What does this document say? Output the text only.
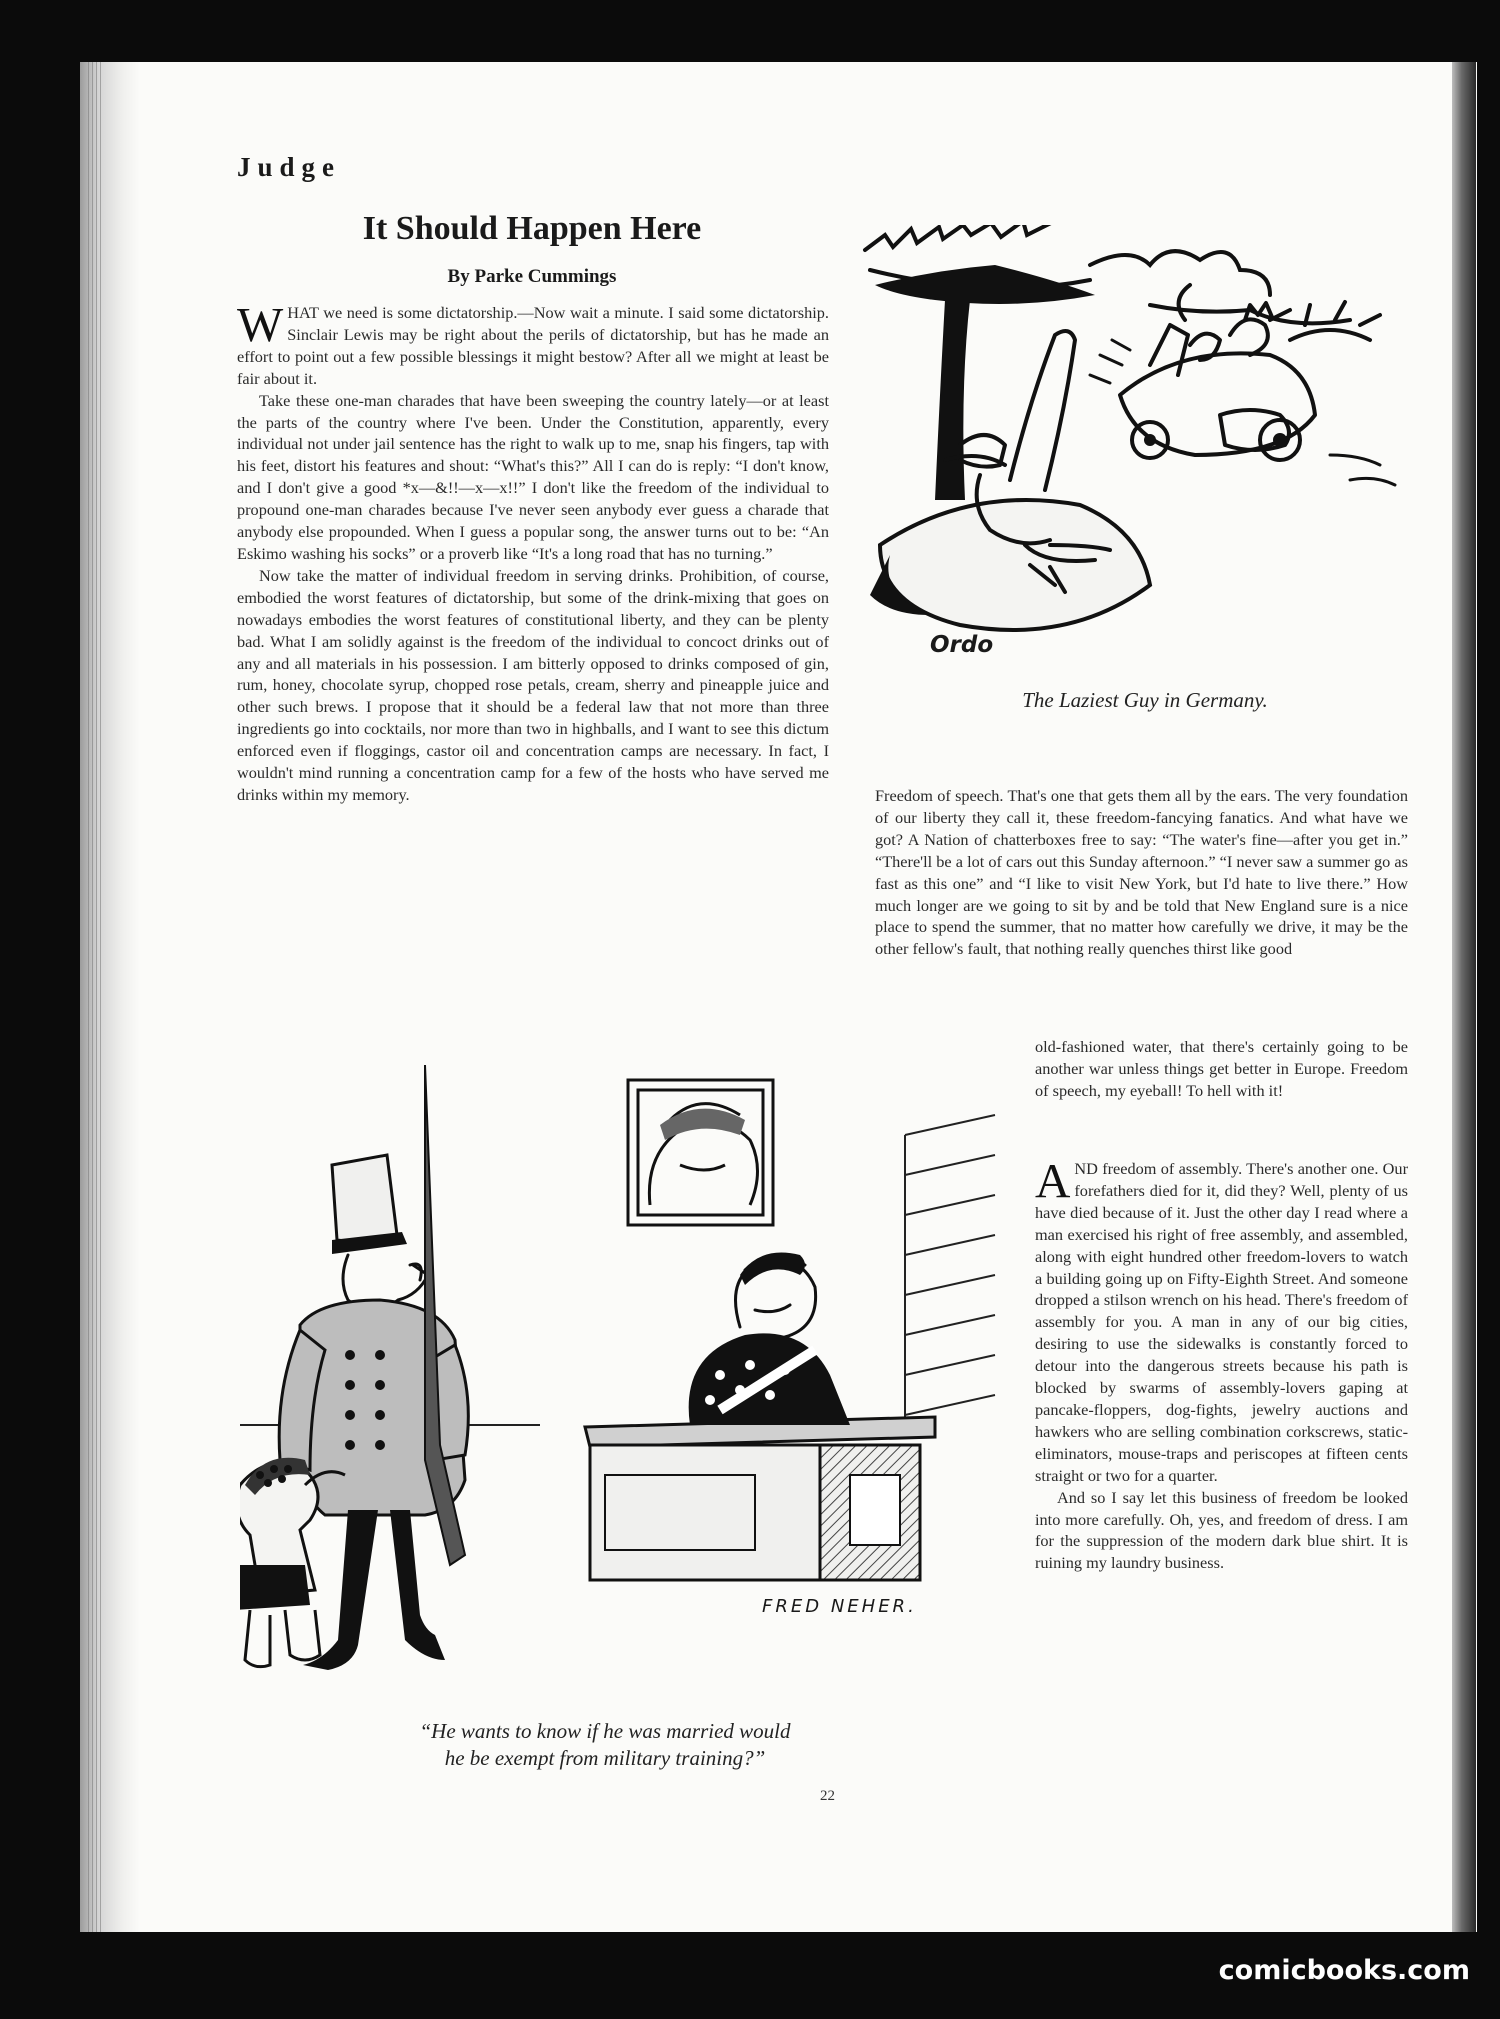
Judge

It Should Happen Here

By Parke Cummings

WHAT we need is some dictatorship.—Now wait a minute. I said some dictatorship. Sinclair Lewis may be right about the perils of dictatorship, but has he made an effort to point out a few possible blessings it might bestow? After all we might at least be fair about it.

Take these one-man charades that have been sweeping the country lately—or at least the parts of the country where I've been. Under the Constitution, apparently, every individual not under jail sentence has the right to walk up to me, snap his fingers, tap with his feet, distort his features and shout: “What's this?” All I can do is reply: “I don't know, and I don't give a good *x—&!!—x—x!!” I don't like the freedom of the individual to propound one-man charades because I've never seen anybody ever guess a charade that anybody else propounded. When I guess a popular song, the answer turns out to be: “An Eskimo washing his socks” or a proverb like “It's a long road that has no turning.”

Now take the matter of individual freedom in serving drinks. Prohibition, of course, embodied the worst features of dictatorship, but some of the drink-mixing that goes on nowadays embodies the worst features of constitutional liberty, and they can be plenty bad. What I am solidly against is the freedom of the individual to concoct drinks out of any and all materials in his possession. I am bitterly opposed to drinks composed of gin, rum, honey, chocolate syrup, chopped rose petals, cream, sherry and pineapple juice and other such brews. I propose that it should be a federal law that not more than three ingredients go into cocktails, nor more than two in highballs, and I want to see this dictum enforced even if floggings, castor oil and concentration camps are necessary. In fact, I wouldn't mind running a concentration camp for a few of the hosts who have served me drinks within my memory.

Ordo

The Laziest Guy in Germany.

Freedom of speech. That's one that gets them all by the ears. The very foundation of our liberty they call it, these freedom-fancying fanatics. And what have we got? A Nation of chatterboxes free to say: “The water's fine—after you get in.” “There'll be a lot of cars out this Sunday afternoon.” “I never saw a summer go as fast as this one” and “I like to visit New York, but I'd hate to live there.” How much longer are we going to sit by and be told that New England sure is a nice place to spend the summer, that no matter how carefully we drive, it may be the other fellow's fault, that nothing really quenches thirst like good

old-fashioned water, that there's certainly going to be another war unless things get better in Europe. Freedom of speech, my eyeball! To hell with it!

AND freedom of assembly. There's another one. Our forefathers died for it, did they? Well, plenty of us have died because of it. Just the other day I read where a man exercised his right of free assembly, and assembled, along with eight hundred other freedom-lovers to watch a building going up on Fifty-Eighth Street. And someone dropped a stilson wrench on his head. There's freedom of assembly for you. A man in any of our big cities, desiring to use the sidewalks is constantly forced to detour into the dangerous streets because his path is blocked by swarms of assembly-lovers gaping at pancake-floppers, dog-fights, jewelry auctions and hawkers who are selling combination corkscrews, static-eliminators, mouse-traps and periscopes at fifteen cents straight or two for a quarter.

And so I say let this business of freedom be looked into more carefully. Oh, yes, and freedom of dress. I am for the suppression of the modern dark blue shirt. It is ruining my laundry business.

FRED NEHER.

“He wants to know if he was married would
he be exempt from military training?”

22

comicbooks.com
